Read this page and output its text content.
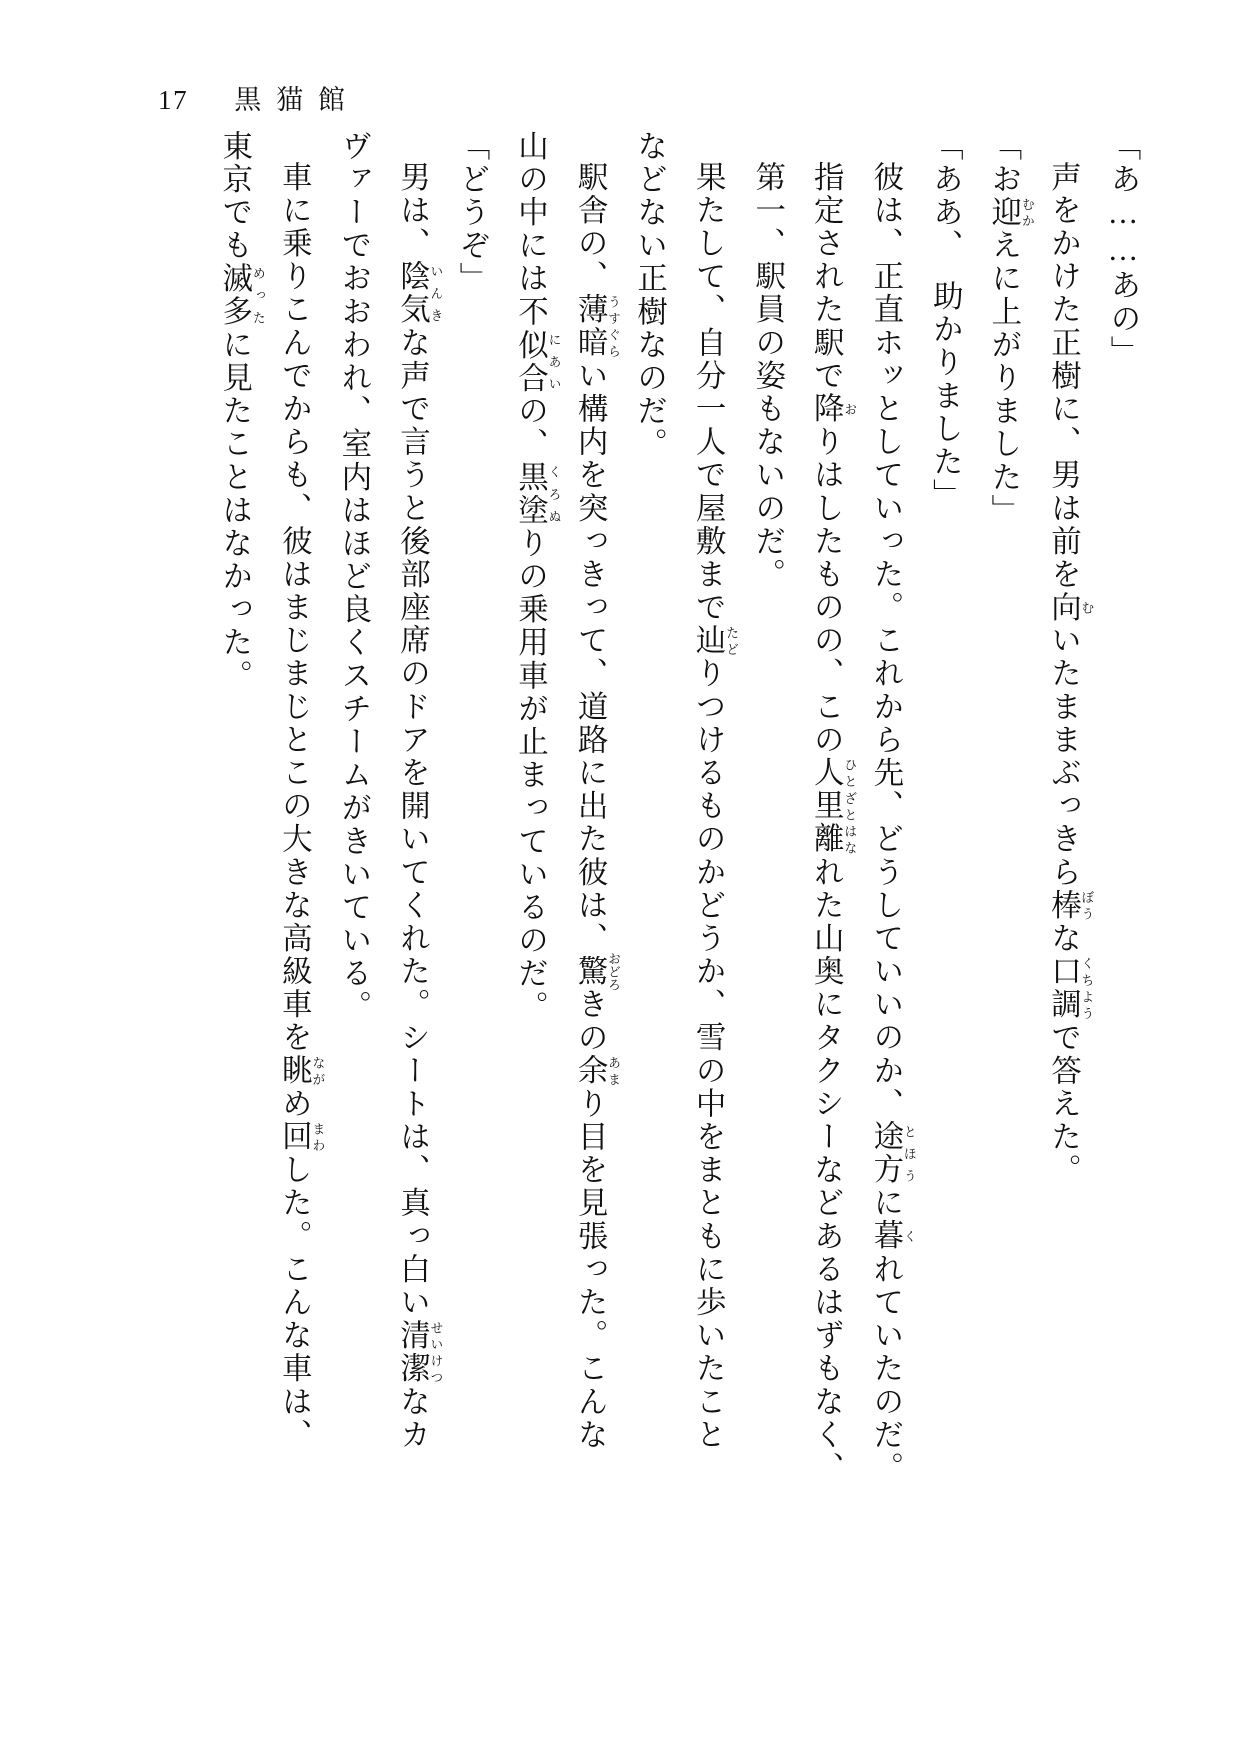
17 黒猫館

「あ……あの」

声をかけた正樹に、男は前を向 むいたままぶっきら棒 ぼうな口調 くちようで答えた。

「お迎 むかえに上がりました」

「ああ、　助かりました」

彼は、正直ホッとしていった。これから先、どうしていいのか、途方 とほうに暮 くれていたのだ。

指定された駅で降 おりはしたものの、この人里離 ひとざとはなれた山奥にタクシーなどあるはずもなく、

第一、駅員の姿もないのだ。

果たして、自分一人で屋敷まで辿 たどりつけるものかどうか、雪の中をまともに歩いたこと

などない正樹なのだ。

駅舎の、薄暗 うすぐらい構内を突っきって、道路に出た彼は、驚 おどろきの余 あまり目を見張った。こんな

山の中には不似合 にあいの、黒塗 くろぬりの乗用車が止まっているのだ。

「どうぞ」

男は、陰気 いんきな声で言うと後部座席のドアを開いてくれた。シートは、真っ白い清潔 せいけつなカ

ヴァーでおおわれ、室内はほど良くスチームがきいている。

車に乗りこんでからも、彼はまじまじとこの大きな高級車を眺 ながめ回 まわした。こんな車は、

東京でも滅多 めったに見たことはなかった。
